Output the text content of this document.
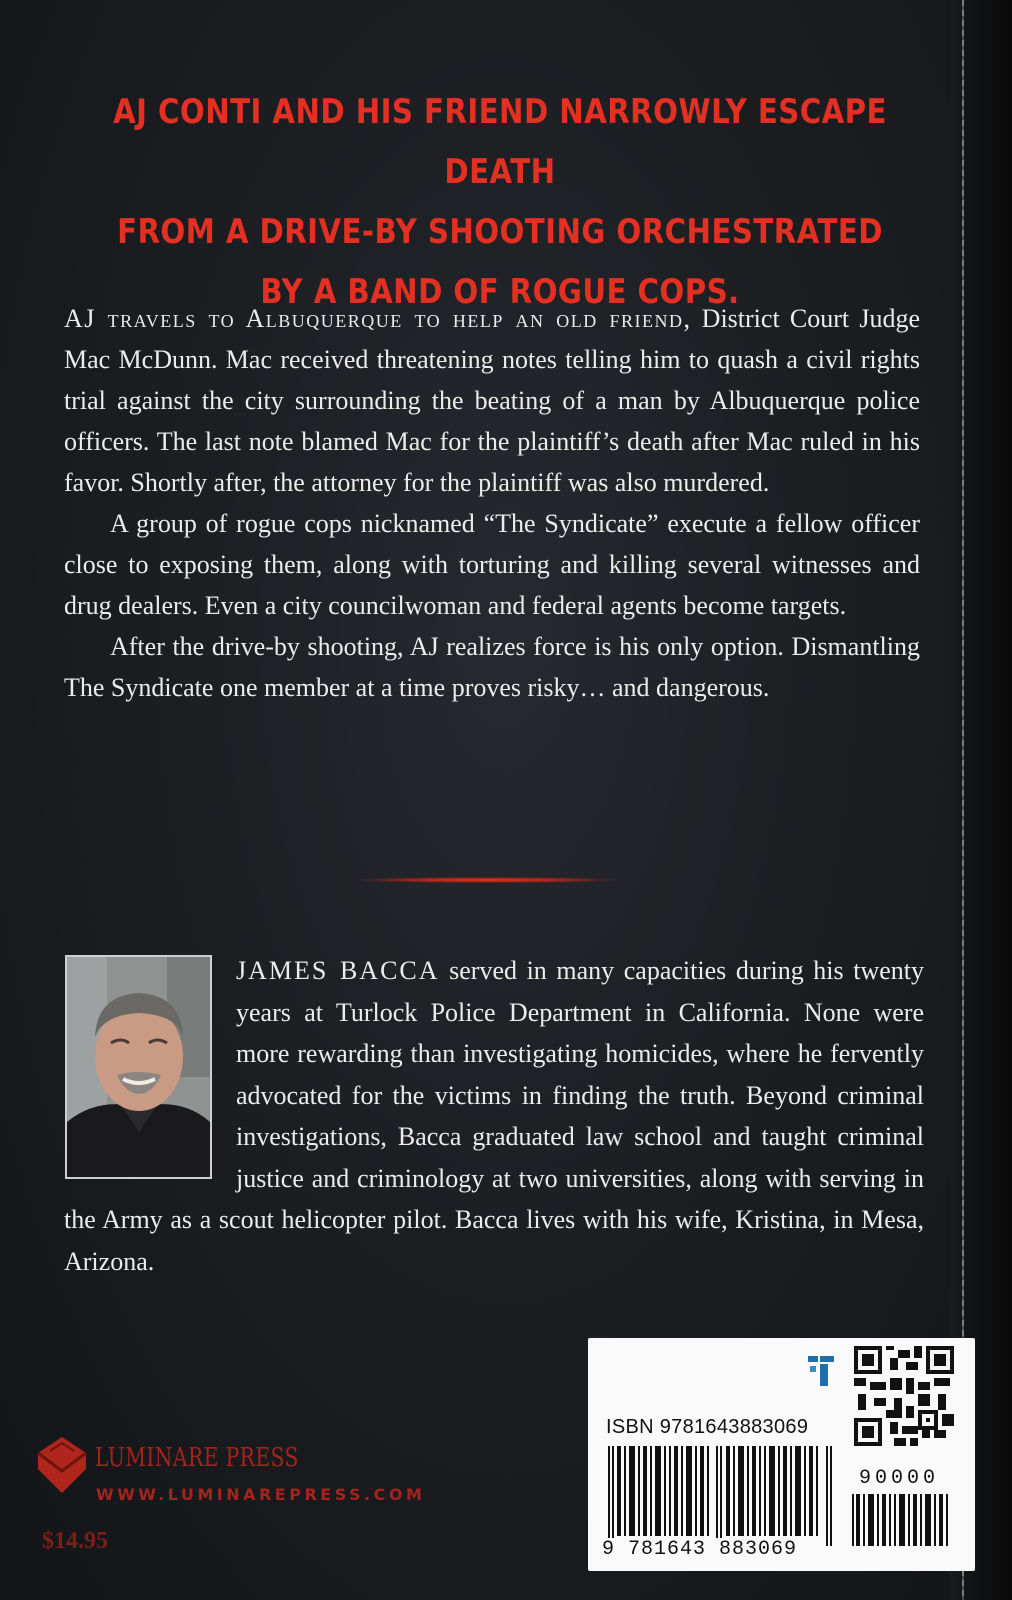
AJ CONTI AND HIS FRIEND NARROWLY ESCAPE DEATH
FROM A DRIVE-BY SHOOTING ORCHESTRATED
BY A BAND OF ROGUE COPS.

AJ travels to Albuquerque to help an old friend, District Court Judge Mac McDunn. Mac received threatening notes telling him to quash a civil rights trial against the city surrounding the beating of a man by Albuquerque police officers. The last note blamed Mac for the plaintiff’s death after Mac ruled in his favor. Shortly after, the attorney for the plaintiff was also murdered.

A group of rogue cops nicknamed “The Syndicate” execute a fellow officer close to exposing them, along with torturing and killing several witnesses and drug dealers. Even a city councilwoman and federal agents become targets.

After the drive-by shooting, AJ realizes force is his only option. Dismantling The Syndicate one member at a time proves risky… and dangerous.

JAMES BACCA served in many capacities during his twenty years at Turlock Police Department in California. None were more rewarding than investigating homicides, where he fervently advocated for the victims in finding the truth. Beyond criminal investigations, Bacca graduated law school and taught criminal justice and criminology at two universities, along with serving in the Army as a scout helicopter pilot. Bacca lives with his wife, Kristina, in Mesa, Arizona.
LUMINARE PRESS
WWW.LUMINAREPRESS.COM
$14.95
ISBN 9781643883069
90000
9 781643 883069
